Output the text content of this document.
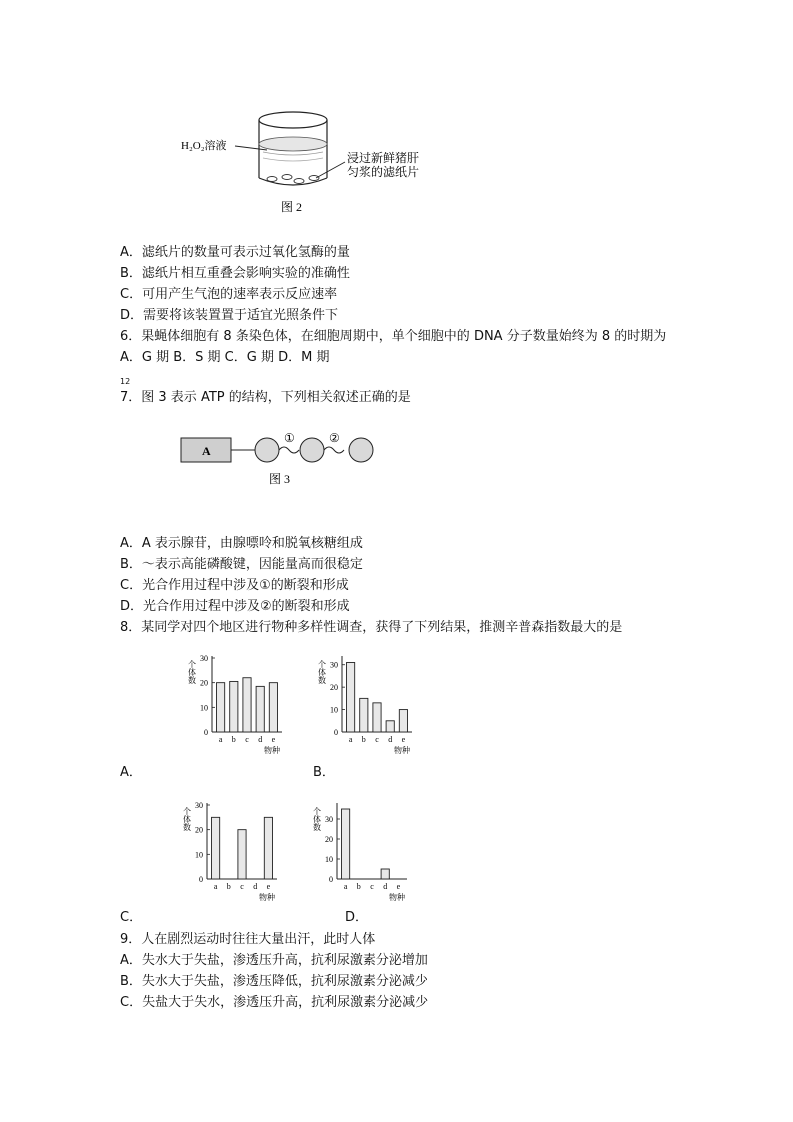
H₂O₂溶液
浸过新鲜猪肝
匀浆的滤纸片
图 2
A．滤纸片的数量可表示过氧化氢酶的量
B．滤纸片相互重叠会影响实验的准确性
C．可用产生气泡的速率表示反应速率
D．需要将该装置置于适宜光照条件下
6．果蝇体细胞有 8 条染色体，在细胞周期中，单个细胞中的 DNA 分子数量始终为 8 的时期为
A．G 期 B．S 期 C．G 期 D．M 期
12
7．图 3 表示 ATP 的结构，下列相关叙述正确的是
A
①	②
图 3
A．A 表示腺苷，由腺嘌呤和脱氧核糖组成
B．～表示高能磷酸键，因能量高而很稳定
C．光合作用过程中涉及①的断裂和形成
D．光合作用过程中涉及②的断裂和形成
8．某同学对四个地区进行物种多样性调查，获得了下列结果，推测辛普森指数最大的是
0
10
20
30
个体数
a b c d e
物种
0
10
20
30
个体数
a b c d e
物种
A．	B．
0
10
20
30
个体数
a b c d e
物种
0
10
20
30
个体数
a b c d e
物种
C．	D．
9．人在剧烈运动时往往大量出汗，此时人体
A．失水大于失盐，渗透压升高，抗利尿激素分泌增加
B．失水大于失盐，渗透压降低，抗利尿激素分泌减少
C．失盐大于失水，渗透压升高，抗利尿激素分泌减少
